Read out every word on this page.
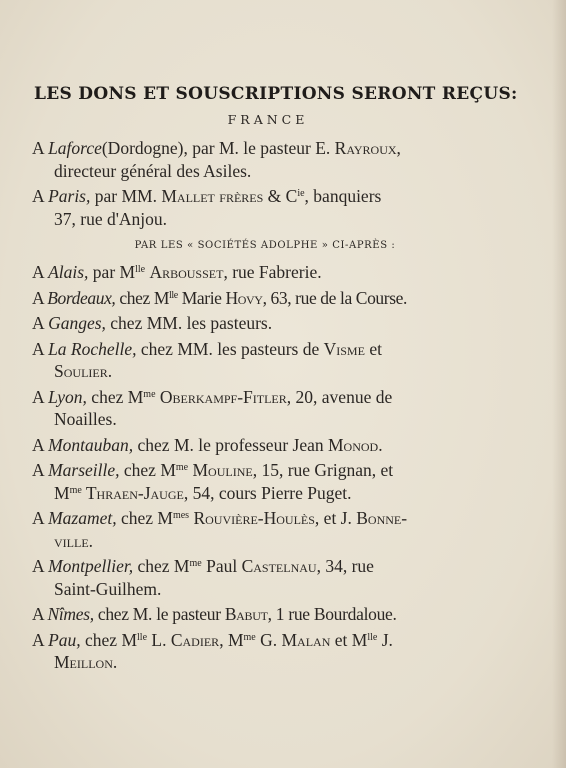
LES DONS ET SOUSCRIPTIONS SERONT REÇUS:
FRANCE
A Laforce(Dordogne), par M. le pasteur E. Rayroux,
directeur général des Asiles.
A Paris, par MM. Mallet frères & $C^{ie}$, banquiers
37, rue d'Anjou.
PAR LES « SOCIÉTÉS ADOLPHE » CI-APRÈS :
A Alais, par $M^{lle}$ Arbousset, rue Fabrerie.
A Bordeaux, chez $M^{lle}$ Marie Hovy, 63, rue de la Course.
A Ganges, chez MM. les pasteurs.
A La Rochelle, chez MM. les pasteurs de Visme et
Soulier.
A Lyon, chez $M^{me}$ Oberkampf-Fitler, 20, avenue de
Noailles.
A Montauban, chez M. le professeur Jean Monod.
A Marseille, chez $M^{me}$ Mouline, 15, rue Grignan, et
$M^{me}$ Thraen-Jauge, 54, cours Pierre Puget.
A Mazamet, chez $M^{mes}$ Rouvière-Houlès, et J. Bonne-
ville.
A Montpellier, chez $M^{me}$ Paul Castelnau, 34, rue
Saint-Guilhem.
A Nîmes, chez M. le pasteur Babut, 1 rue Bourdaloue.
A Pau, chez $M^{lle}$ L. Cadier, $M^{me}$ G. Malan et $M^{lle}$ J.
Meillon.
